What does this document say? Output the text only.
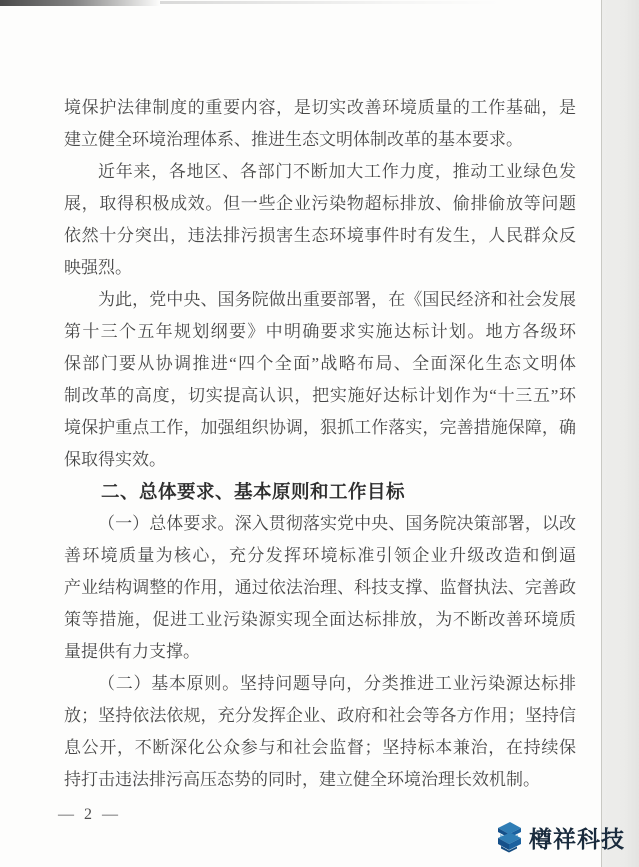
境保护法律制度的重要内容，是切实改善环境质量的工作基础，是
建立健全环境治理体系、推进生态文明体制改革的基本要求。
近年来，各地区、各部门不断加大工作力度，推动工业绿色发
展，取得积极成效。但一些企业污染物超标排放、偷排偷放等问题
依然十分突出，违法排污损害生态环境事件时有发生，人民群众反
映强烈。
为此，党中央、国务院做出重要部署，在《国民经济和社会发展
第十三个五年规划纲要》中明确要求实施达标计划。地方各级环
保部门要从协调推进“四个全面”战略布局、全面深化生态文明体
制改革的高度，切实提高认识，把实施好达标计划作为“十三五”环
境保护重点工作，加强组织协调，狠抓工作落实，完善措施保障，确
保取得实效。
二、总体要求、基本原则和工作目标
（一）总体要求。深入贯彻落实党中央、国务院决策部署，以改
善环境质量为核心，充分发挥环境标准引领企业升级改造和倒逼
产业结构调整的作用，通过依法治理、科技支撑、监督执法、完善政
策等措施，促进工业污染源实现全面达标排放，为不断改善环境质
量提供有力支撑。
（二）基本原则。坚持问题导向，分类推进工业污染源达标排
放；坚持依法依规，充分发挥企业、政府和社会等各方作用；坚持信
息公开，不断深化公众参与和社会监督；坚持标本兼治，在持续保
持打击违法排污高压态势的同时，建立健全环境治理长效机制。
— 2 —
樽祥科技
